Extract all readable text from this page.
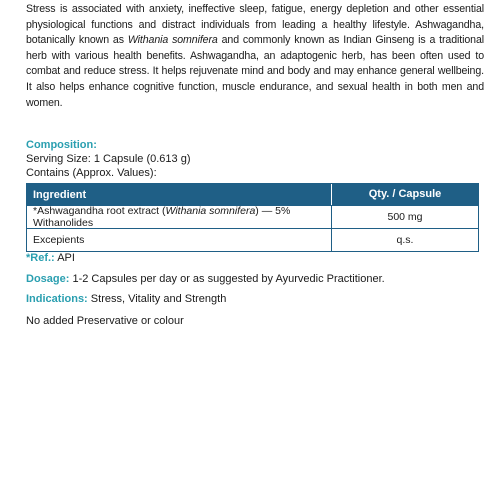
Stress is associated with anxiety, ineffective sleep, fatigue, energy depletion and other essential physiological functions and distract individuals from leading a healthy lifestyle. Ashwagandha, botanically known as Withania somnifera and commonly known as Indian Ginseng is a traditional herb with various health benefits. Ashwagandha, an adaptogenic herb, has been often used to combat and reduce stress. It helps rejuvenate mind and body and may enhance general wellbeing. It also helps enhance cognitive function, muscle endurance, and sexual health in both men and women.

Composition:
Serving Size: 1 Capsule (0.613 g)
Contains (Approx. Values):
Ingredient	Qty. / Capsule
*Ashwagandha root extract (Withania somnifera) — 5% Withanolides	500 mg
Excepients	q.s.
*Ref.: API
Dosage: 1-2 Capsules per day or as suggested by Ayurvedic Practitioner.
Indications: Stress, Vitality and Strength
No added Preservative or colour
